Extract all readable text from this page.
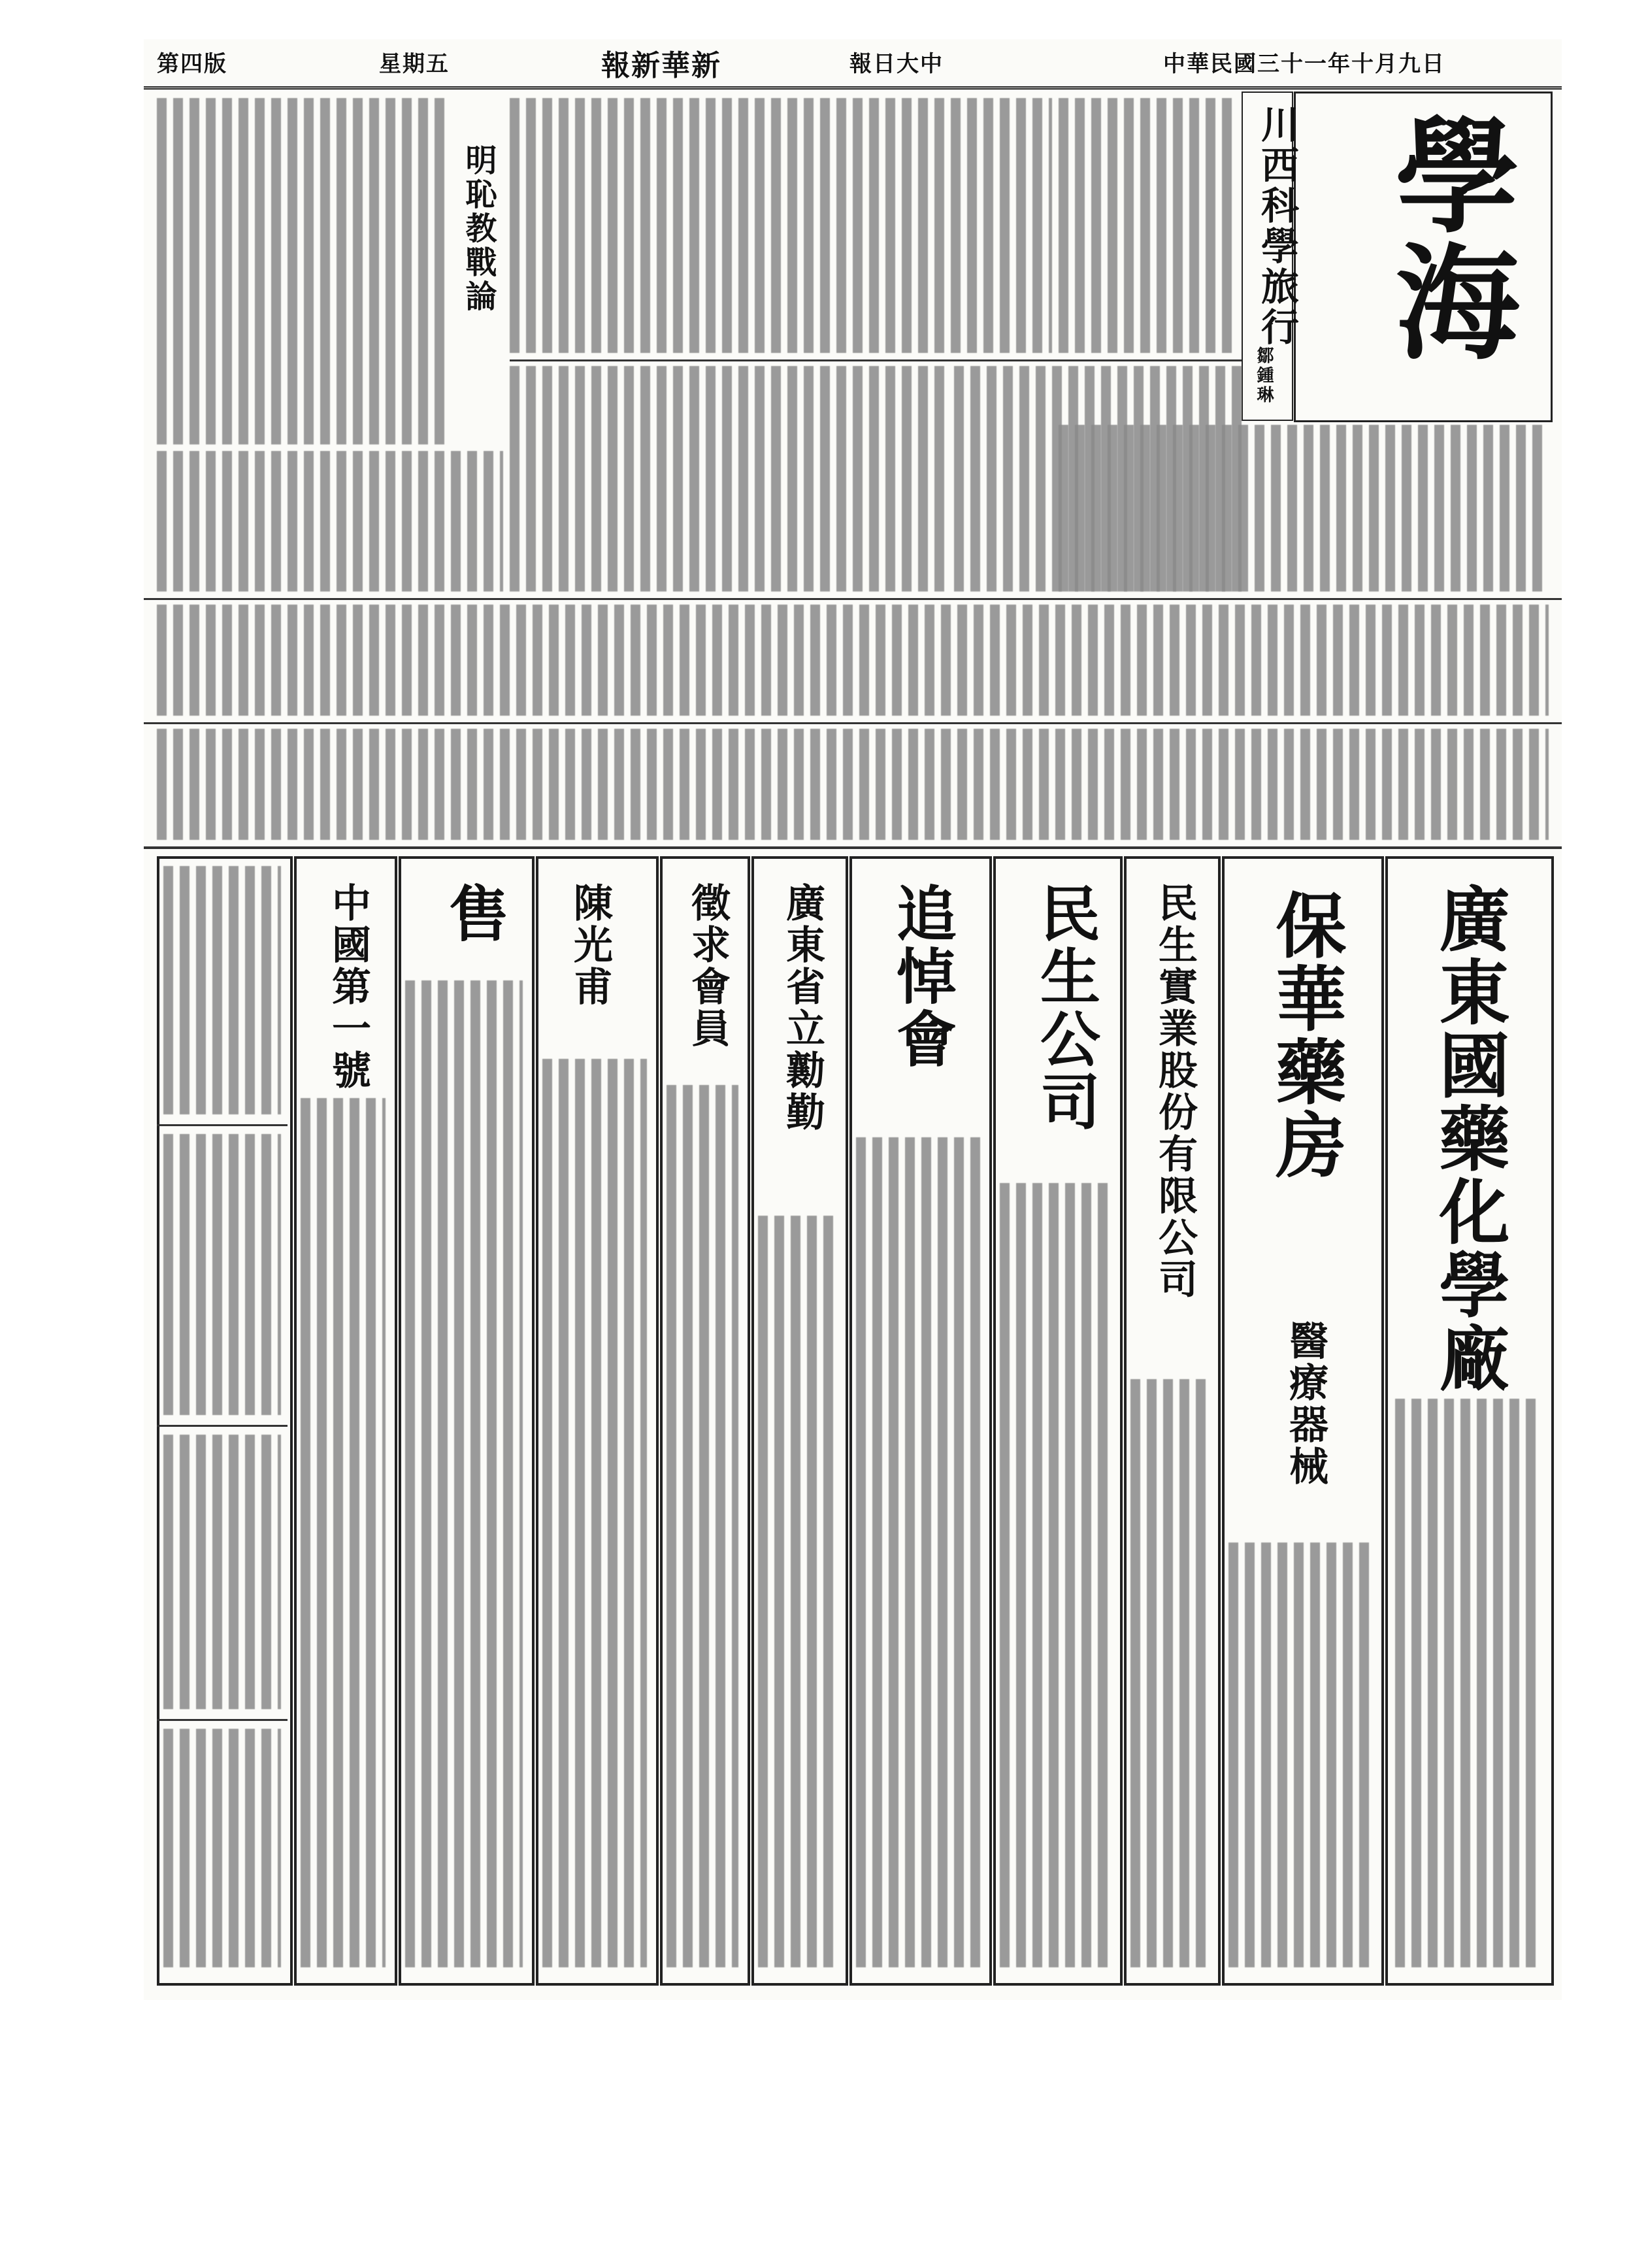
第四版	星期五	報新華新	報日大中	中華民國三十一年十月九日
學海
川西科學旅行
鄒鍾琳
明恥教戰論
廣東國藥化學廠
保華藥房
醫療器械
民生實業股份有限公司
民生公司
追悼會
廣東省立勷勤
徵求會員
陳光甫
售
中國第一號
